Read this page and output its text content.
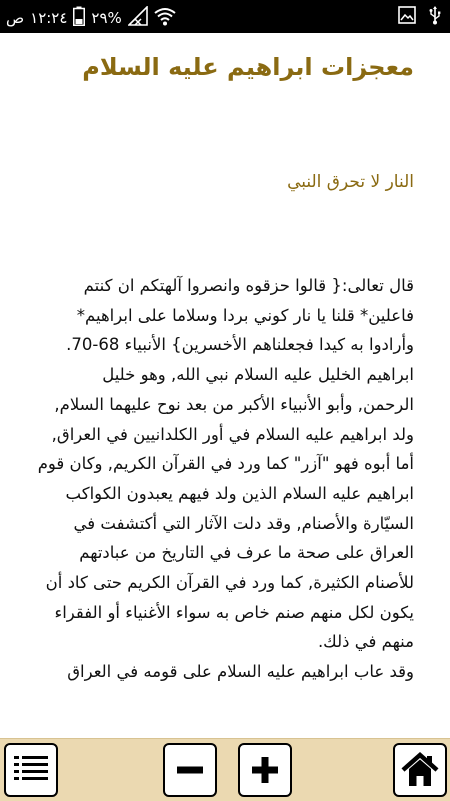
ص ١٢:٢٤ ٢٩%
معجزات ابراهيم عليه السلام
النار لا تحرق النبي
قال تعالى:{ قالوا حزقوه وانصروا آلهتكم ان كنتم
فاعلين* قلنا يا نار كوني بردا وسلاما على ابراهيم*
وأرادوا به كيدا فجعلناهم الأخسرين} الأنبياء 68-70.
ابراهيم الخليل عليه السلام نبي الله, وهو خليل
الرحمن, وأبو الأنبياء الأكبر من بعد نوح عليهما السلام,
ولد ابراهيم عليه السلام في أور الكلدانيين في العراق,
أما أبوه فهو "آزر" كما ورد في القرآن الكريم, وكان قوم
ابراهيم عليه السلام الذين ولد فيهم يعبدون الكواكب
السيّارة والأصنام, وقد دلت الآثار التي أكتشفت في
العراق على صحة ما عرف في التاريخ من عبادتهم
للأصنام الكثيرة, كما ورد في القرآن الكريم حتى كاد أن
يكون لكل منهم صنم خاص به سواء الأغنياء أو الفقراء
منهم في ذلك.
وقد عاب ابراهيم عليه السلام على قومه في العراق
